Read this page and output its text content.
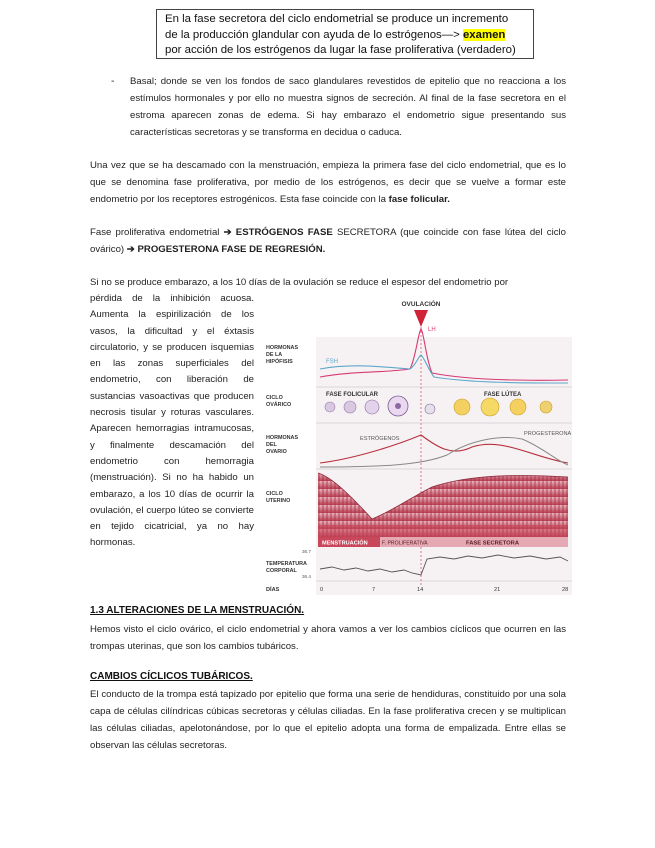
En la fase secretora del ciclo endometrial se produce un incremento
de la producción glandular con ayuda de lo estrógenos—> examen
por acción de los estrógenos da lugar la fase proliferativa (verdadero)
- Basal; donde se ven los fondos de saco glandulares revestidos de epitelio que no reacciona a los estímulos hormonales y por ello no muestra signos de secreción. Al final de la fase secretora en el estroma aparecen zonas de edema. Si hay embarazo el endometrio sigue presentando sus características secretoras y se transforma en decidua o caduca.
Una vez que se ha descamado con la menstruación, empieza la primera fase del ciclo endometrial, que es lo que se denomina fase proliferativa, por medio de los estrógenos, es decir que se vuelve a formar este endometrio por los receptores estrogénicos. Esta fase coincide con la fase folicular.
Fase proliferativa endometrial ➔ ESTRÓGENOS FASE SECRETORA (que coincide con fase lútea del ciclo ovárico) ➔ PROGESTERONA FASE DE REGRESIÓN.
Si no se produce embarazo, a los 10 días de la ovulación se reduce el espesor del endometrio por
pérdida de la inhibición acuosa. Aumenta la espirilización de los vasos, la dificultad y el éxtasis circulatorio, y se producen isquemias en las zonas superficiales del endometrio, con liberación de sustancias vasoactivas que producen necrosis tisular y roturas vasculares. Aparecen hemorragias intramucosas, y finalmente descamación del endometrio con hemorragia (menstruación). Si no ha habido un embarazo, a los 10 días de ocurrir la ovulación, el cuerpo lúteo se convierte en tejido cicatricial, ya no hay hormonas.
OVULACIÓN
HORMONAS
DE LA
HIPÓFISIS
LH
FSH
CICLO
OVÁRICO
FASE FOLICULAR	FASE LÚTEA
HORMONAS
DEL
OVARIO
ESTRÓGENOS
PROGESTERONA
CICLO
UTERINO
MENSTRUACIÓN	F. PROLIFERATIVA	FASE SECRETORA
TEMPERATURA
CORPORAL
36.7
36.4
DÍAS	0	7	14	21	28
1.3 ALTERACIONES DE LA MENSTRUACIÓN.
Hemos visto el ciclo ovárico, el ciclo endometrial y ahora vamos a ver los cambios cíclicos que ocurren en las trompas uterinas, que son los cambios tubáricos.
CAMBIOS CÍCLICOS TUBÁRICOS.
El conducto de la trompa está tapizado por epitelio que forma una serie de hendiduras, constituido por una sola capa de células cilíndricas cúbicas secretoras y células ciliadas. En la fase proliferativa crecen y se multiplican las células ciliadas, apelotonándose, por lo que el epitelio adopta una forma de empalizada. Entre ellas se observan las células secretoras.
